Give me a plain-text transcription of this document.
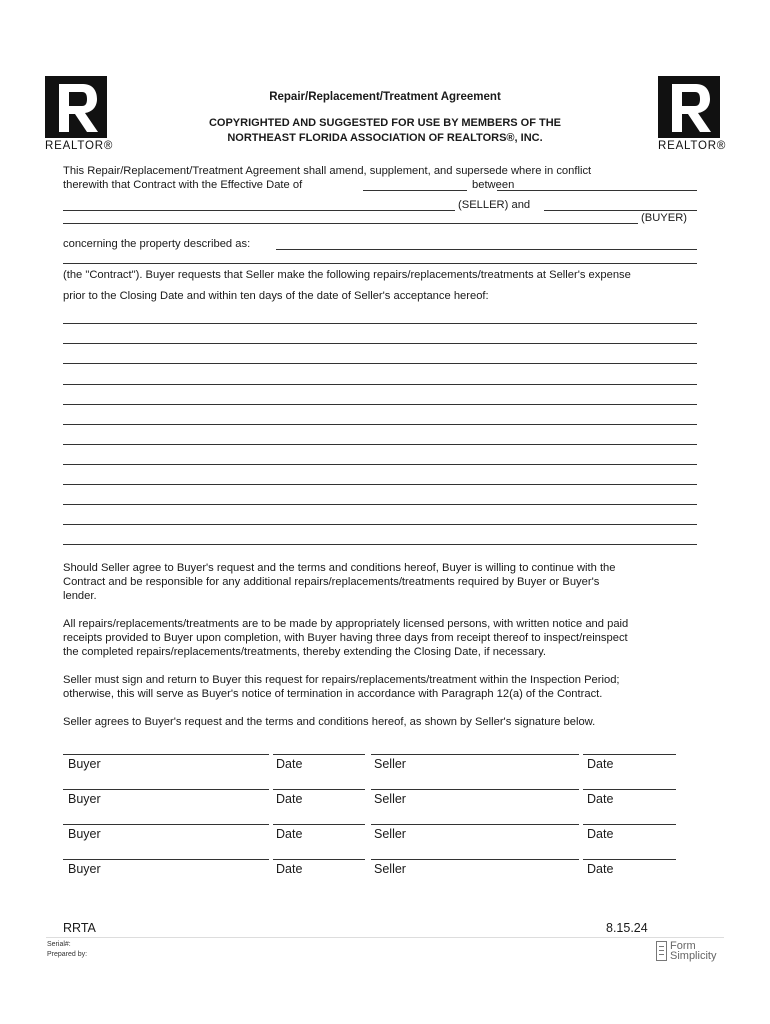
REALTOR®	REALTOR®
Repair/Replacement/Treatment Agreement
COPYRIGHTED AND SUGGESTED FOR USE BY MEMBERS OF THE
NORTHEAST FLORIDA ASSOCIATION OF REALTORS®, INC.
This Repair/Replacement/Treatment Agreement shall amend, supplement, and supersede where in conflict
therewith that Contract with the Effective Date of	between
(SELLER) and
(BUYER)
concerning the property described as:
(the "Contract"). Buyer requests that Seller make the following repairs/replacements/treatments at Seller's expense
prior to the Closing Date and within ten days of the date of Seller's acceptance hereof:
Should Seller agree to Buyer's request and the terms and conditions hereof, Buyer is willing to continue with the
Contract and be responsible for any additional repairs/replacements/treatments required by Buyer or Buyer's
lender.
All repairs/replacements/treatments are to be made by appropriately licensed persons, with written notice and paid
receipts provided to Buyer upon completion, with Buyer having three days from receipt thereof to inspect/reinspect
the completed repairs/replacements/treatments, thereby extending the Closing Date, if necessary.
Seller must sign and return to Buyer this request for repairs/replacements/treatment within the Inspection Period;
otherwise, this will serve as Buyer's notice of termination in accordance with Paragraph 12(a) of the Contract.
Seller agrees to Buyer's request and the terms and conditions hereof, as shown by Seller's signature below.
Buyer	Date	Seller	Date
Buyer	Date	Seller	Date
Buyer	Date	Seller	Date
Buyer	Date	Seller	Date
RRTA	8.15.24
Serial#:
Prepared by:
Form
Simplicity
